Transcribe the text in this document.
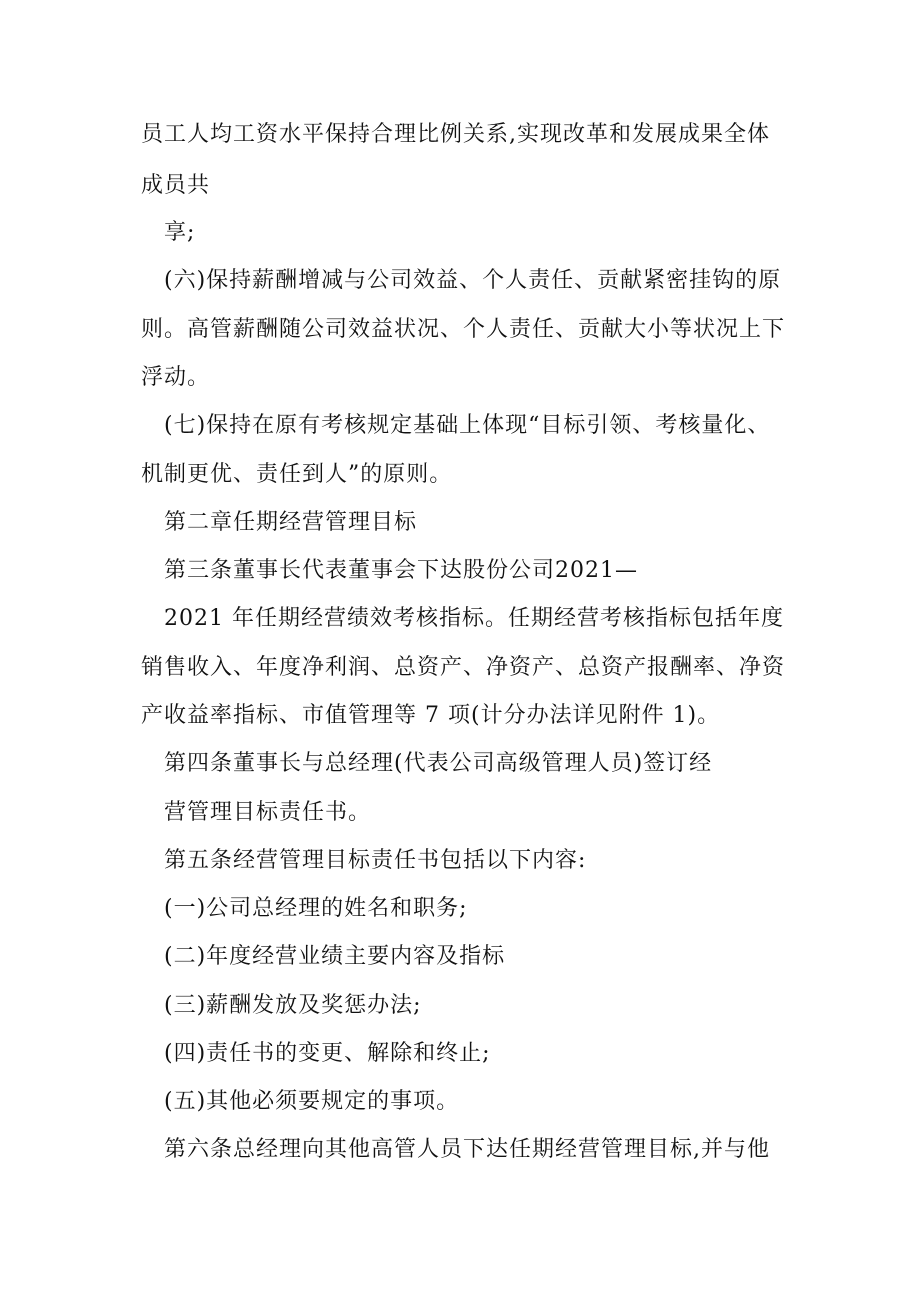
员工人均工资水平保持合理比例关系,实现改革和发展成果全体
成员共
享;
(六)保持薪酬增减与公司效益、个人责任、贡献紧密挂钩的原
则。高管薪酬随公司效益状况、个人责任、贡献大小等状况上下
浮动。
(七)保持在原有考核规定基础上体现“目标引领、考核量化、
机制更优、责任到人”的原则。
第二章任期经营管理目标
第三条董事长代表董事会下达股份公司2021—
2021 年任期经营绩效考核指标。任期经营考核指标包括年度
销售收入、年度净利润、总资产、净资产、总资产报酬率、净资
产收益率指标、市值管理等 7 项(计分办法详见附件 1)。
第四条董事长与总经理(代表公司高级管理人员)签订经
营管理目标责任书。
第五条经营管理目标责任书包括以下内容:
(一)公司总经理的姓名和职务;
(二)年度经营业绩主要内容及指标
(三)薪酬发放及奖惩办法;
(四)责任书的变更、解除和终止;
(五)其他必须要规定的事项。
第六条总经理向其他高管人员下达任期经营管理目标,并与他
